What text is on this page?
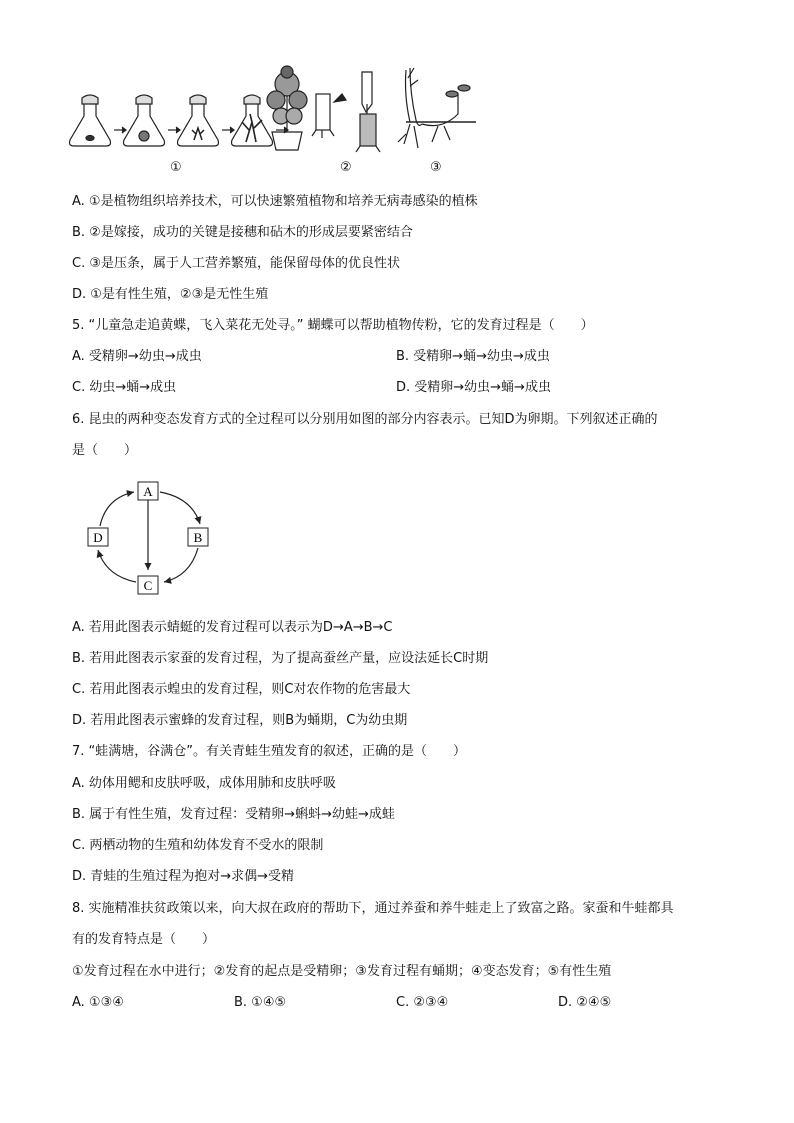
①	②	③
A. ①是植物组织培养技术，可以快速繁殖植物和培养无病毒感染的植株
B. ②是嫁接，成功的关键是接穗和砧木的形成层要紧密结合
C. ③是压条，属于人工营养繁殖，能保留母体的优良性状
D. ①是有性生殖，②③是无性生殖
5. “儿童急走追黄蝶，飞入菜花无处寻。” 蝴蝶可以帮助植物传粉，它的发育过程是（　　）
A. 受精卵→幼虫→成虫	B. 受精卵→蛹→幼虫→成虫
C. 幼虫→蛹→成虫	D. 受精卵→幼虫→蛹→成虫
6. 昆虫的两种变态发育方式的全过程可以分别用如图的部分内容表示。已知D为卵期。下列叙述正确的
是（　　）
A
B
C
D
A. 若用此图表示蜻蜓的发育过程可以表示为D→A→B→C
B. 若用此图表示家蚕的发育过程，为了提高蚕丝产量，应设法延长C时期
C. 若用此图表示蝗虫的发育过程，则C对农作物的危害最大
D. 若用此图表示蜜蜂的发育过程，则B为蛹期，C为幼虫期
7. “蛙满塘，谷满仓”。有关青蛙生殖发育的叙述，正确的是（　　）
A. 幼体用鳃和皮肤呼吸，成体用肺和皮肤呼吸
B. 属于有性生殖，发育过程：受精卵→蝌蚪→幼蛙→成蛙
C. 两栖动物的生殖和幼体发育不受水的限制
D. 青蛙的生殖过程为抱对→求偶→受精
8. 实施精准扶贫政策以来，向大叔在政府的帮助下，通过养蚕和养牛蛙走上了致富之路。家蚕和牛蛙都具
有的发育特点是（　　）
①发育过程在水中进行；②发育的起点是受精卵；③发育过程有蛹期；④变态发育；⑤有性生殖
A. ①③④	B. ①④⑤	C. ②③④	D. ②④⑤
